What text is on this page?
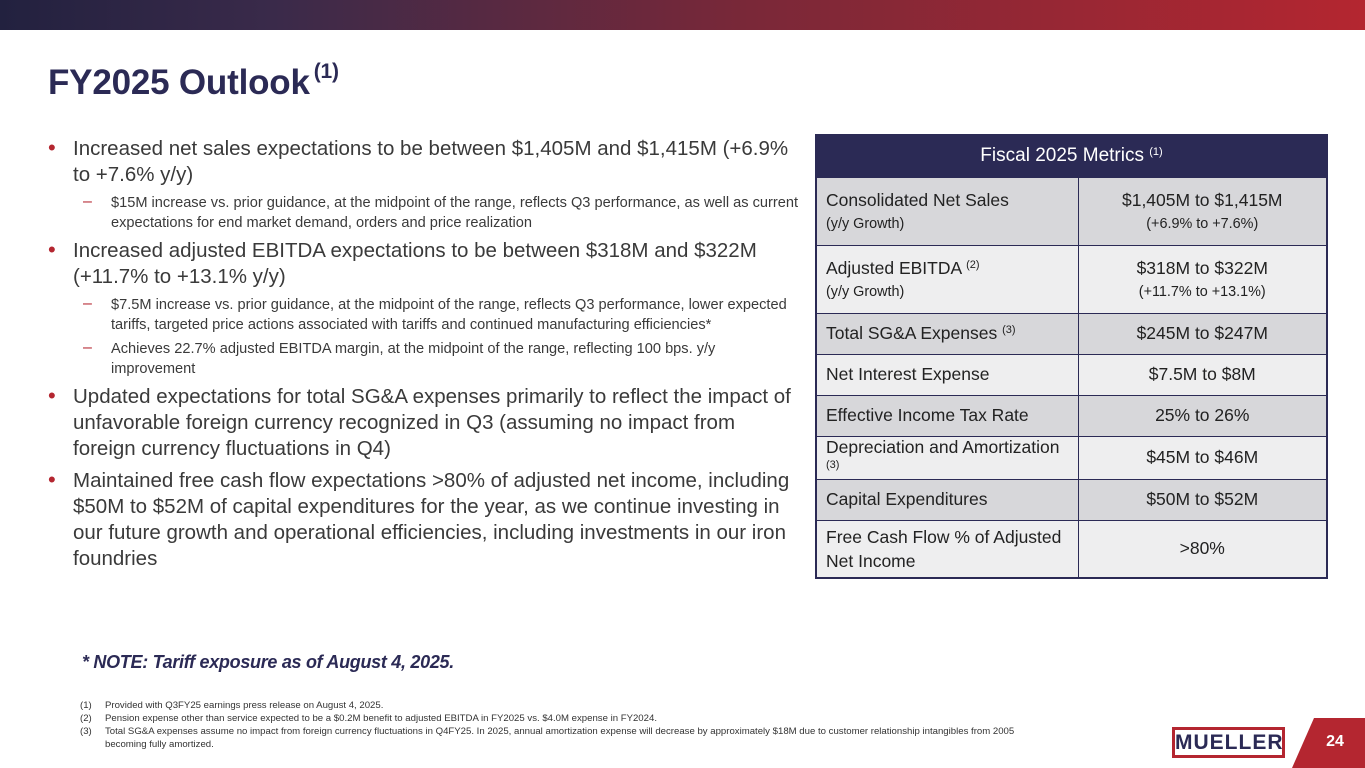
FY2025 Outlook $^{(1)}$
• Increased net sales expectations to be between $1,405M and $1,415M (+6.9% to +7.6% y/y)
– $15M increase vs. prior guidance, at the midpoint of the range, reflects Q3 performance, as well as current expectations for end market demand, orders and price realization
• Increased adjusted EBITDA expectations to be between $318M and $322M (+11.7% to +13.1% y/y)
– $7.5M increase vs. prior guidance, at the midpoint of the range, reflects Q3 performance, lower expected tariffs, targeted price actions associated with tariffs and continued manufacturing efficiencies*
– Achieves 22.7% adjusted EBITDA margin, at the midpoint of the range, reflecting 100 bps. y/y improvement
• Updated expectations for total SG&A expenses primarily to reflect the impact of unfavorable foreign currency recognized in Q3 (assuming no impact from foreign currency fluctuations in Q4)
• Maintained free cash flow expectations >80% of adjusted net income, including $50M to $52M of capital expenditures for the year, as we continue investing in our future growth and operational efficiencies, including investments in our iron foundries
* NOTE: Tariff exposure as of August 4, 2025.
Fiscal 2025 Metrics $^{(1)}$
Consolidated Net Sales
(y/y Growth)	$1,405M to $1,415M
(+6.9% to +7.6%)

Adjusted EBITDA $^{(2)}$
(y/y Growth)	$318M to $322M
(+11.7% to +13.1%)

Total SG&A Expenses $^{(3)}$	$245M to $247M
Net Interest Expense	$7.5M to $8M
Effective Income Tax Rate	25% to 26%
Depreciation and Amortization $^{(3)}$	$45M to $46M
Capital Expenditures	$50M to $52M
Free Cash Flow % of Adjusted Net Income	>80%
(1) Provided with Q3FY25 earnings press release on August 4, 2025.
(2) Pension expense other than service expected to be a $0.2M benefit to adjusted EBITDA in FY2025 vs. $4.0M expense in FY2024.
(3) Total SG&A expenses assume no impact from foreign currency fluctuations in Q4FY25. In 2025, annual amortization expense will decrease by approximately $18M due to customer relationship intangibles from 2005 becoming fully amortized.	MUELLER	24
